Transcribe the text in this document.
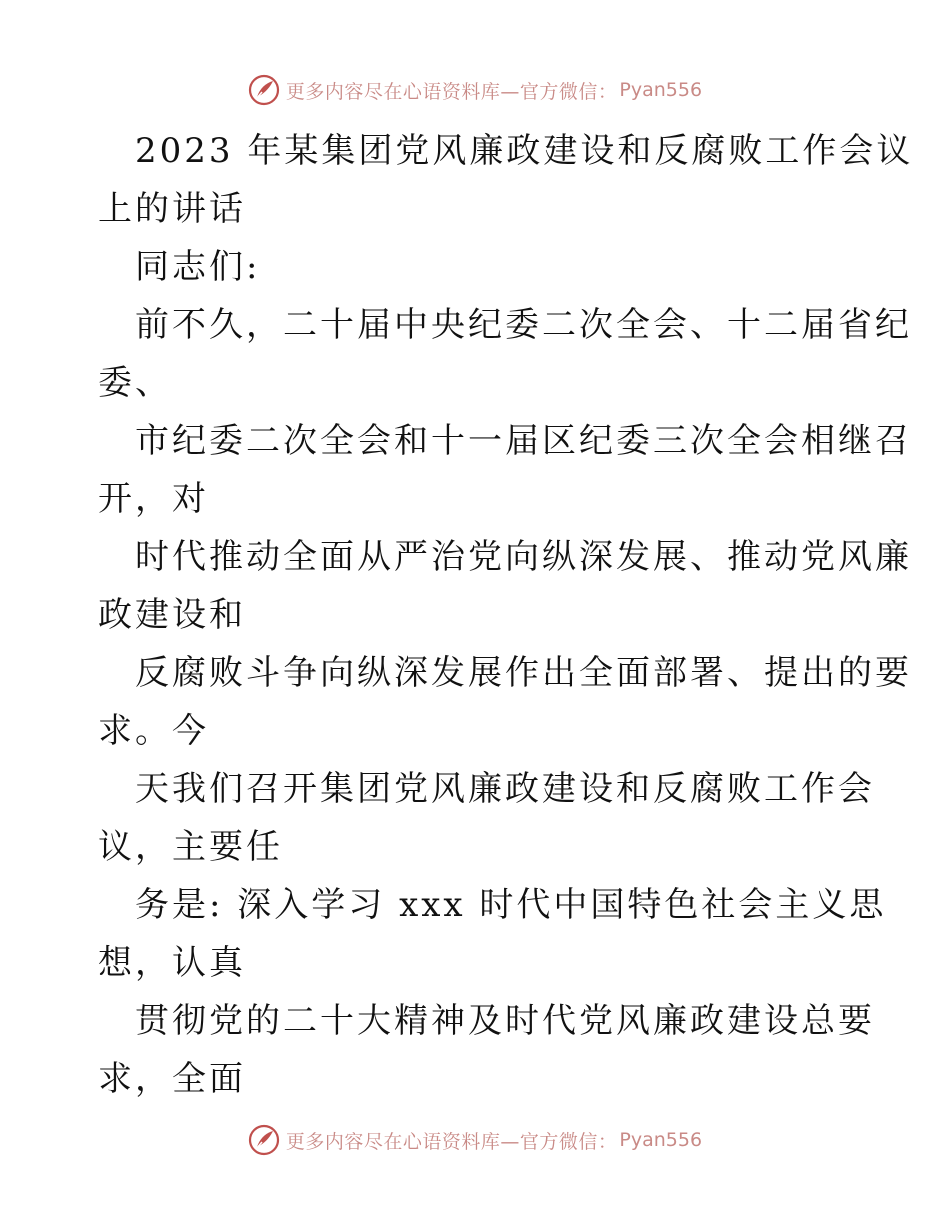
更多内容尽在心语资料库—官方微信： Pyan556
2023 年某集团党风廉政建设和反腐败工作会议
上的讲话
同志们:
前不久，二十届中央纪委二次全会、十二届省纪
委、
市纪委二次全会和十一届区纪委三次全会相继召
开，对
时代推动全面从严治党向纵深发展、推动党风廉
政建设和
反腐败斗争向纵深发展作出全面部署、提出的要
求。今
天我们召开集团党风廉政建设和反腐败工作会
议，主要任
务是: 深入学习 xxx 时代中国特色社会主义思
想，认真
贯彻党的二十大精神及时代党风廉政建设总要
求，全面
更多内容尽在心语资料库—官方微信： Pyan556
